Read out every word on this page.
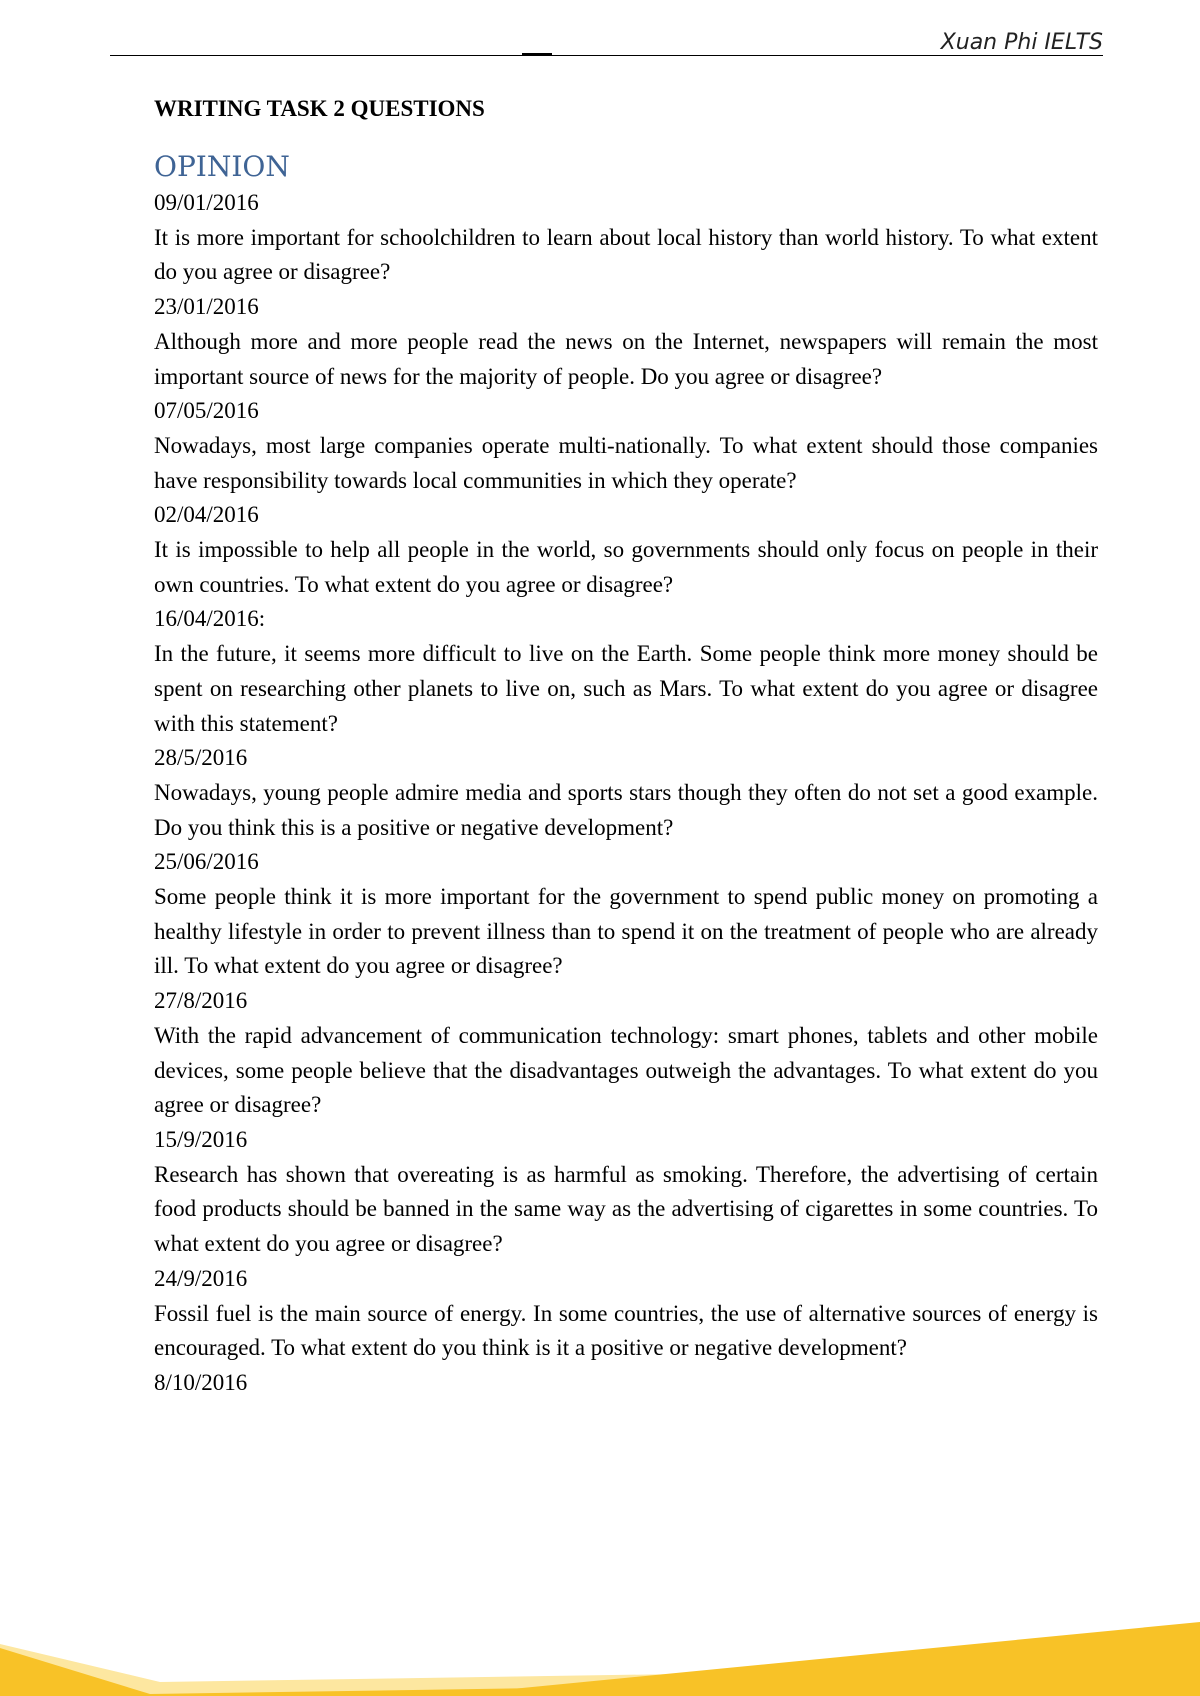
Xuan Phi IELTS
WRITING TASK 2 QUESTIONS
OPINION
09/01/2016
It is more important for schoolchildren to learn about local history than world history. To what extent do you agree or disagree?
23/01/2016
Although more and more people read the news on the Internet, newspapers will remain the most important source of news for the majority of people. Do you agree or disagree?
07/05/2016
Nowadays, most large companies operate multi-nationally. To what extent should those companies have responsibility towards local communities in which they operate?
02/04/2016
It is impossible to help all people in the world, so governments should only focus on people in their own countries. To what extent do you agree or disagree?
16/04/2016:
In the future, it seems more difficult to live on the Earth. Some people think more money should be spent on researching other planets to live on, such as Mars. To what extent do you agree or disagree with this statement?
28/5/2016
Nowadays, young people admire media and sports stars though they often do not set a good example. Do you think this is a positive or negative development?
25/06/2016
Some people think it is more important for the government to spend public money on promoting a healthy lifestyle in order to prevent illness than to spend it on the treatment of people who are already ill. To what extent do you agree or disagree?
27/8/2016
With the rapid advancement of communication technology: smart phones, tablets and other mobile devices, some people believe that the disadvantages outweigh the advantages. To what extent do you agree or disagree?
15/9/2016
Research has shown that overeating is as harmful as smoking. Therefore, the advertising of certain food products should be banned in the same way as the advertising of cigarettes in some countries. To what extent do you agree or disagree?
24/9/2016
Fossil fuel is the main source of energy. In some countries, the use of alternative sources of energy is encouraged. To what extent do you think is it a positive or negative development?
8/10/2016
